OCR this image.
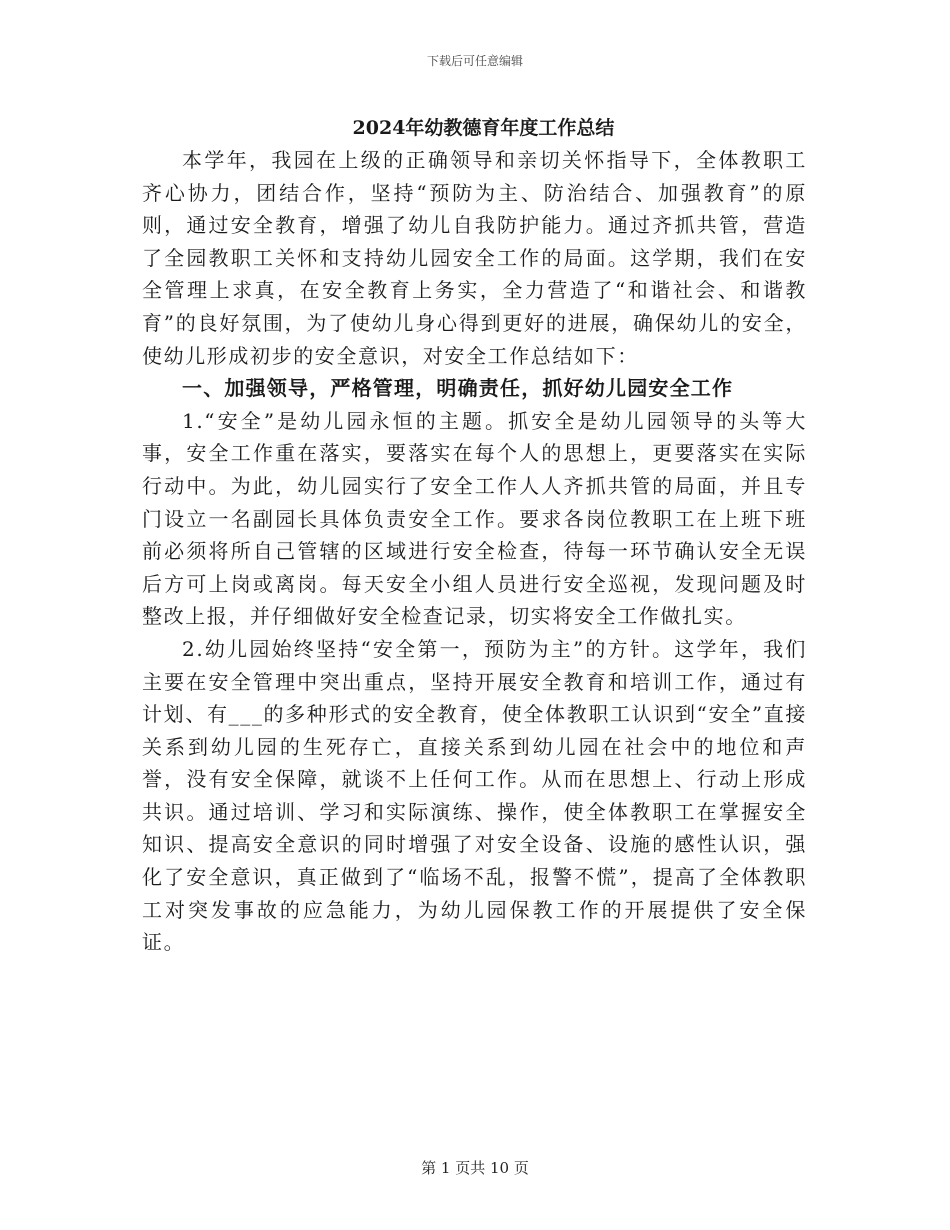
下载后可任意编辑
2024年幼教德育年度工作总结

本学年，我园在上级的正确领导和亲切关怀指导下，全体教职工齐心协力，团结合作，坚持“预防为主、防治结合、加强教育”的原则，通过安全教育，增强了幼儿自我防护能力。通过齐抓共管，营造了全园教职工关怀和支持幼儿园安全工作的局面。这学期，我们在安全管理上求真，在安全教育上务实，全力营造了“和谐社会、和谐教育”的良好氛围，为了使幼儿身心得到更好的进展，确保幼儿的安全，使幼儿形成初步的安全意识，对安全工作总结如下：

一、加强领导，严格管理，明确责任，抓好幼儿园安全工作

1.“安全”是幼儿园永恒的主题。抓安全是幼儿园领导的头等大事，安全工作重在落实，要落实在每个人的思想上，更要落实在实际行动中。为此，幼儿园实行了安全工作人人齐抓共管的局面，并且专门设立一名副园长具体负责安全工作。要求各岗位教职工在上班下班前必须将所自己管辖的区域进行安全检查，待每一环节确认安全无误后方可上岗或离岗。每天安全小组人员进行安全巡视，发现问题及时整改上报，并仔细做好安全检查记录，切实将安全工作做扎实。

2.幼儿园始终坚持“安全第一，预防为主”的方针。这学年，我们主要在安全管理中突出重点，坚持开展安全教育和培训工作，通过有计划、有___的多种形式的安全教育，使全体教职工认识到“安全”直接关系到幼儿园的生死存亡，直接关系到幼儿园在社会中的地位和声誉，没有安全保障，就谈不上任何工作。从而在思想上、行动上形成共识。通过培训、学习和实际演练、操作，使全体教职工在掌握安全知识、提高安全意识的同时增强了对安全设备、设施的感性认识，强化了安全意识，真正做到了“临场不乱，报警不慌”，提高了全体教职工对突发事故的应急能力，为幼儿园保教工作的开展提供了安全保证。

第 1 页共 10 页
